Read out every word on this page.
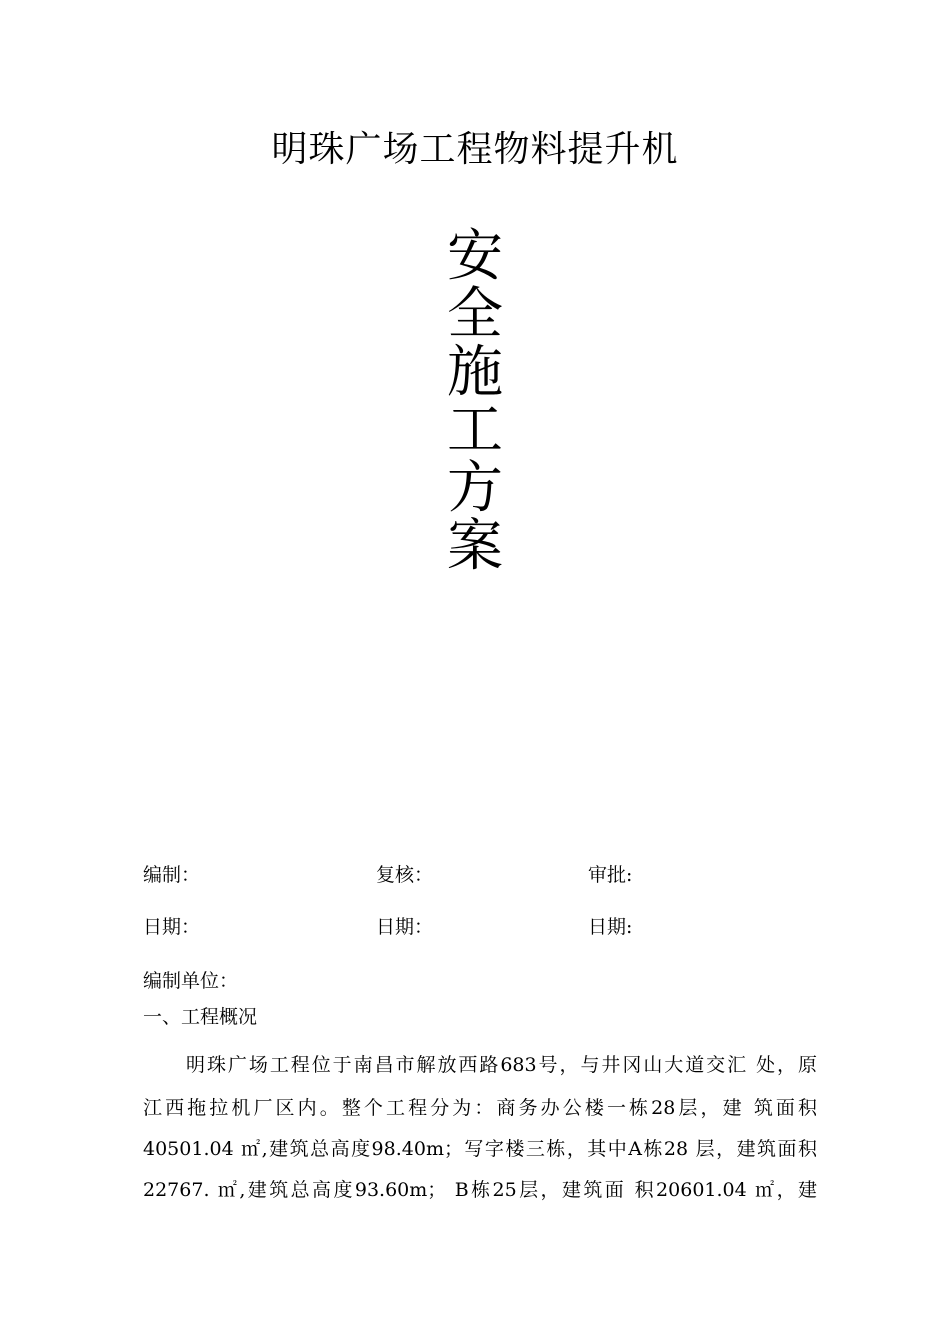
明珠广场工程物料提升机
安
全
施
工
方
案
编制：	复核：	审批:
日期：	日期：	日期:
编制单位：
一、工程概况
明珠广场工程位于南昌市解放西路683号，与井冈山大道交汇 处，原
江西拖拉机厂区内。整个工程分为：商务办公楼一栋28层，建 筑面积
40501.04 ㎡,建筑总高度98.40m；写字楼三栋，其中A栋28 层，建筑面积
22767. ㎡,建筑总高度93.60m； B栋25层，建筑面 积20601.04 ㎡，建
